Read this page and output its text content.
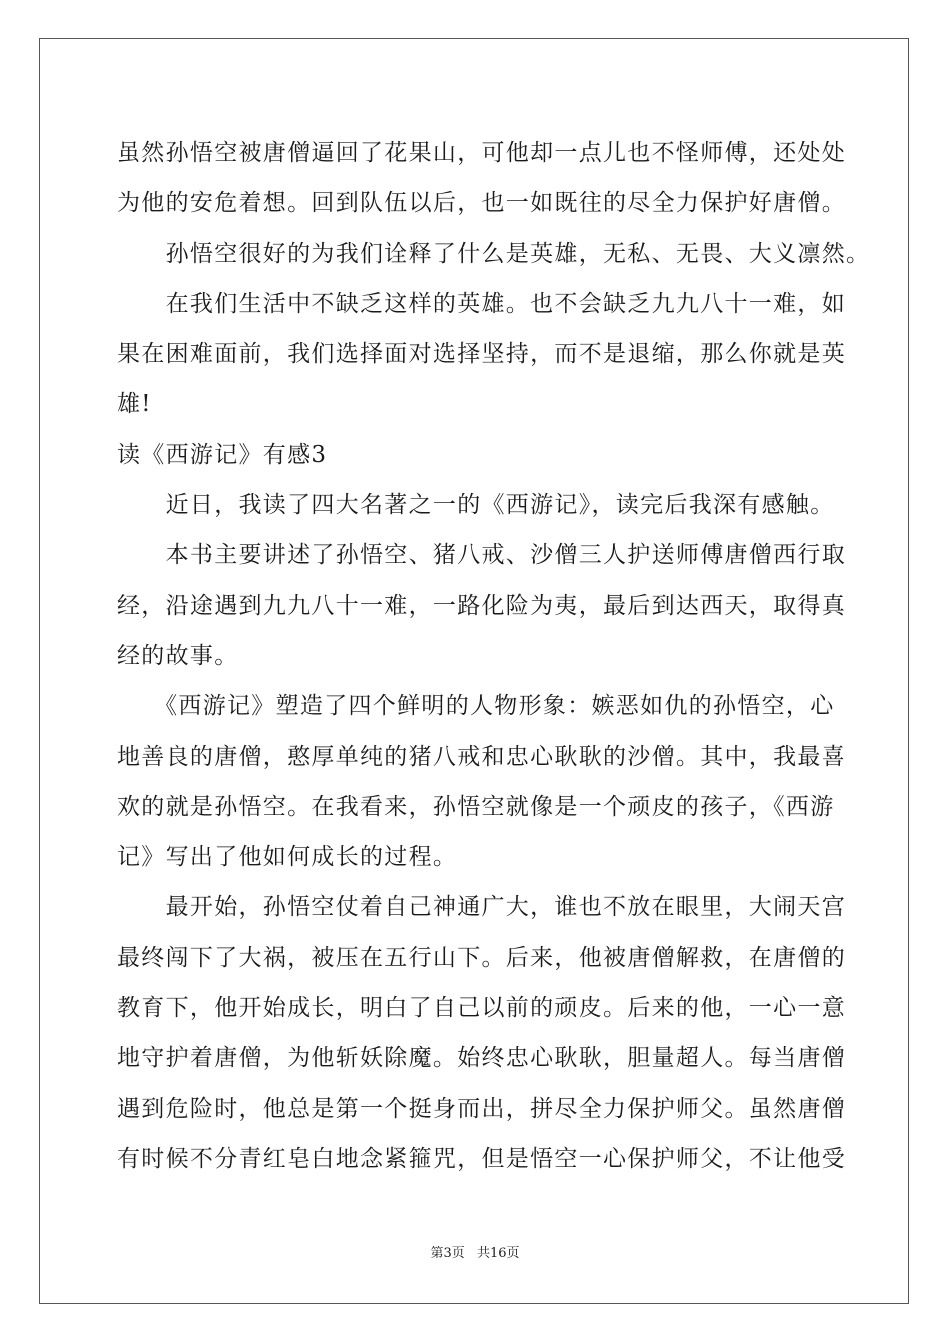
虽然孙悟空被唐僧逼回了花果山，可他却一点儿也不怪师傅，还处处
为他的安危着想。回到队伍以后，也一如既往的尽全力保护好唐僧。
　　孙悟空很好的为我们诠释了什么是英雄，无私、无畏、大义凛然。
　　在我们生活中不缺乏这样的英雄。也不会缺乏九九八十一难，如
果在困难面前，我们选择面对选择坚持，而不是退缩，那么你就是英
雄!
读《西游记》有感3
　　近日，我读了四大名著之一的《西游记》，读完后我深有感触。
　　本书主要讲述了孙悟空、猪八戒、沙僧三人护送师傅唐僧西行取
经，沿途遇到九九八十一难，一路化险为夷，最后到达西天，取得真
经的故事。
　　《西游记》塑造了四个鲜明的人物形象：嫉恶如仇的孙悟空，心
地善良的唐僧，憨厚单纯的猪八戒和忠心耿耿的沙僧。其中，我最喜
欢的就是孙悟空。在我看来，孙悟空就像是一个顽皮的孩子，《西游
记》写出了他如何成长的过程。
　　最开始，孙悟空仗着自己神通广大，谁也不放在眼里，大闹天宫
最终闯下了大祸，被压在五行山下。后来，他被唐僧解救，在唐僧的
教育下，他开始成长，明白了自己以前的顽皮。后来的他，一心一意
地守护着唐僧，为他斩妖除魔。始终忠心耿耿，胆量超人。每当唐僧
遇到危险时，他总是第一个挺身而出，拼尽全力保护师父。虽然唐僧
有时候不分青红皂白地念紧箍咒，但是悟空一心保护师父，不让他受
第3页 共16页
